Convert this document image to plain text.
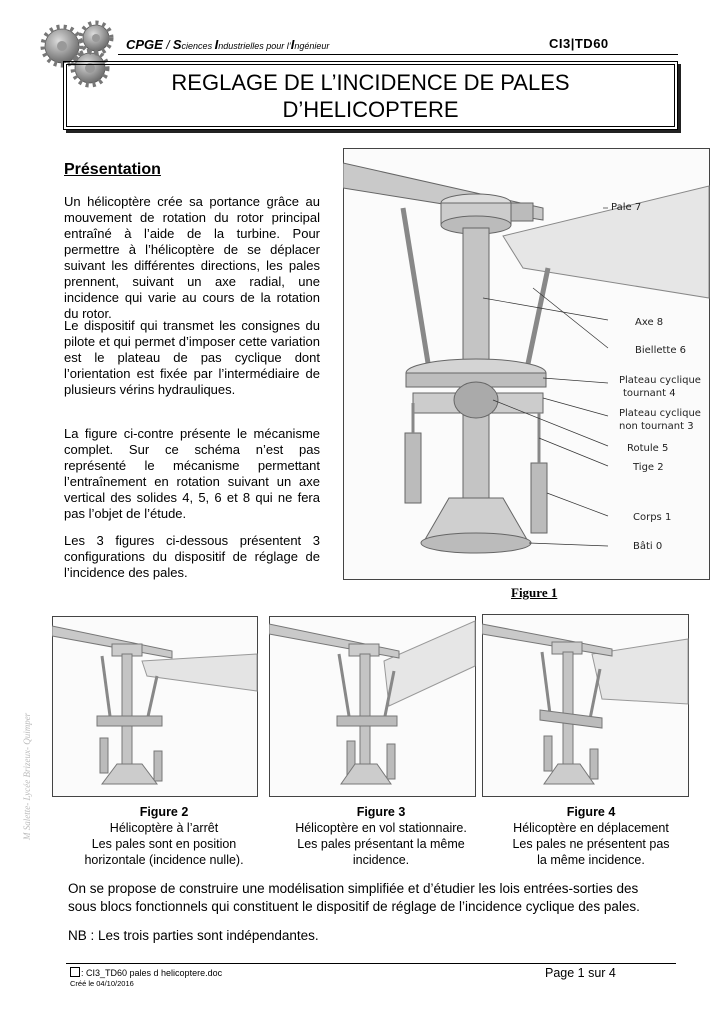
CPGE / Sciences Industrielles pour l’Ingénieur	CI3|TD60
REGLAGE DE L’INCIDENCE DE PALES
D’HELICOPTERE
Présentation
Un hélicoptère crée sa portance grâce au mouvement de rotation du rotor principal entraîné à l’aide de la turbine. Pour permettre à l’hélicoptère de se déplacer suivant les différentes directions, les pales prennent, suivant un axe radial, une incidence qui varie au cours de la rotation du rotor.
Le dispositif qui transmet les consignes du pilote et qui permet d’imposer cette variation est le plateau de pas cyclique dont l’orientation est fixée par l’intermédiaire de plusieurs vérins hydrauliques.
La figure ci-contre présente le mécanisme complet. Sur ce schéma n’est pas représenté le mécanisme permettant l’entraînement en rotation suivant un axe vertical des solides 4, 5, 6 et 8 qui ne fera pas l’objet de l’étude.
Les 3 figures ci-dessous présentent 3 configurations du dispositif de réglage de l’incidence des pales.
Pale 7
Axe 8
Biellette 6
Plateau cyclique
tournant 4
Plateau cyclique
non tournant 3
Rotule 5
Tige 2
Corps 1
Bâti 0
Figure 1
Figure 2
Hélicoptère à l’arrêt
Les pales sont en position
horizontale (incidence nulle).
Figure 3
Hélicoptère en vol stationnaire.
Les pales présentant la même
incidence.
Figure 4
Hélicoptère en déplacement
Les pales ne présentent pas
la même incidence.
On se propose de construire une modélisation simplifiée et d’étudier les lois entrées-sorties des sous blocs fonctionnels qui constituent le dispositif de réglage de l’incidence cyclique des pales.
NB : Les trois parties sont indépendantes.
: CI3_TD60 pales d helicoptere.doc
Créé le 04/10/2016
Page 1 sur 4
M Salette- Lycée Brizeux- Quimper
